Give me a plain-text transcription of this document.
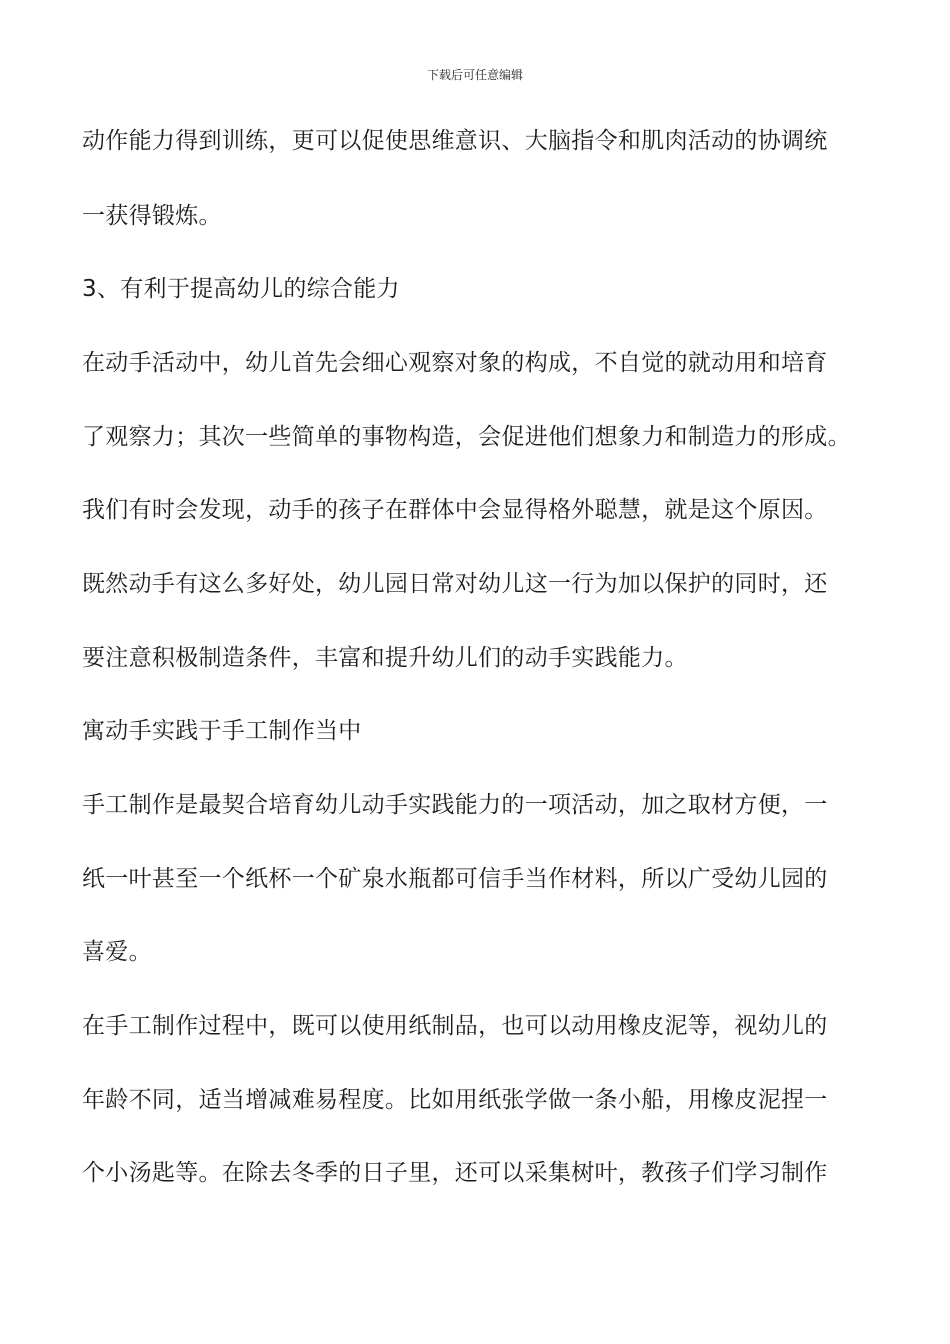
下载后可任意编辑
动作能力得到训练，更可以促使思维意识、大脑指令和肌肉活动的协调统
一获得锻炼。
3、有利于提高幼儿的综合能力
在动手活动中，幼儿首先会细心观察对象的构成，不自觉的就动用和培育
了观察力；其次一些简单的事物构造，会促进他们想象力和制造力的形成。
我们有时会发现，动手的孩子在群体中会显得格外聪慧，就是这个原因。
既然动手有这么多好处，幼儿园日常对幼儿这一行为加以保护的同时，还
要注意积极制造条件，丰富和提升幼儿们的动手实践能力。
寓动手实践于手工制作当中
手工制作是最契合培育幼儿动手实践能力的一项活动，加之取材方便，一
纸一叶甚至一个纸杯一个矿泉水瓶都可信手当作材料，所以广受幼儿园的
喜爱。
在手工制作过程中，既可以使用纸制品，也可以动用橡皮泥等，视幼儿的
年龄不同，适当增减难易程度。比如用纸张学做一条小船，用橡皮泥捏一
个小汤匙等。在除去冬季的日子里，还可以采集树叶，教孩子们学习制作
